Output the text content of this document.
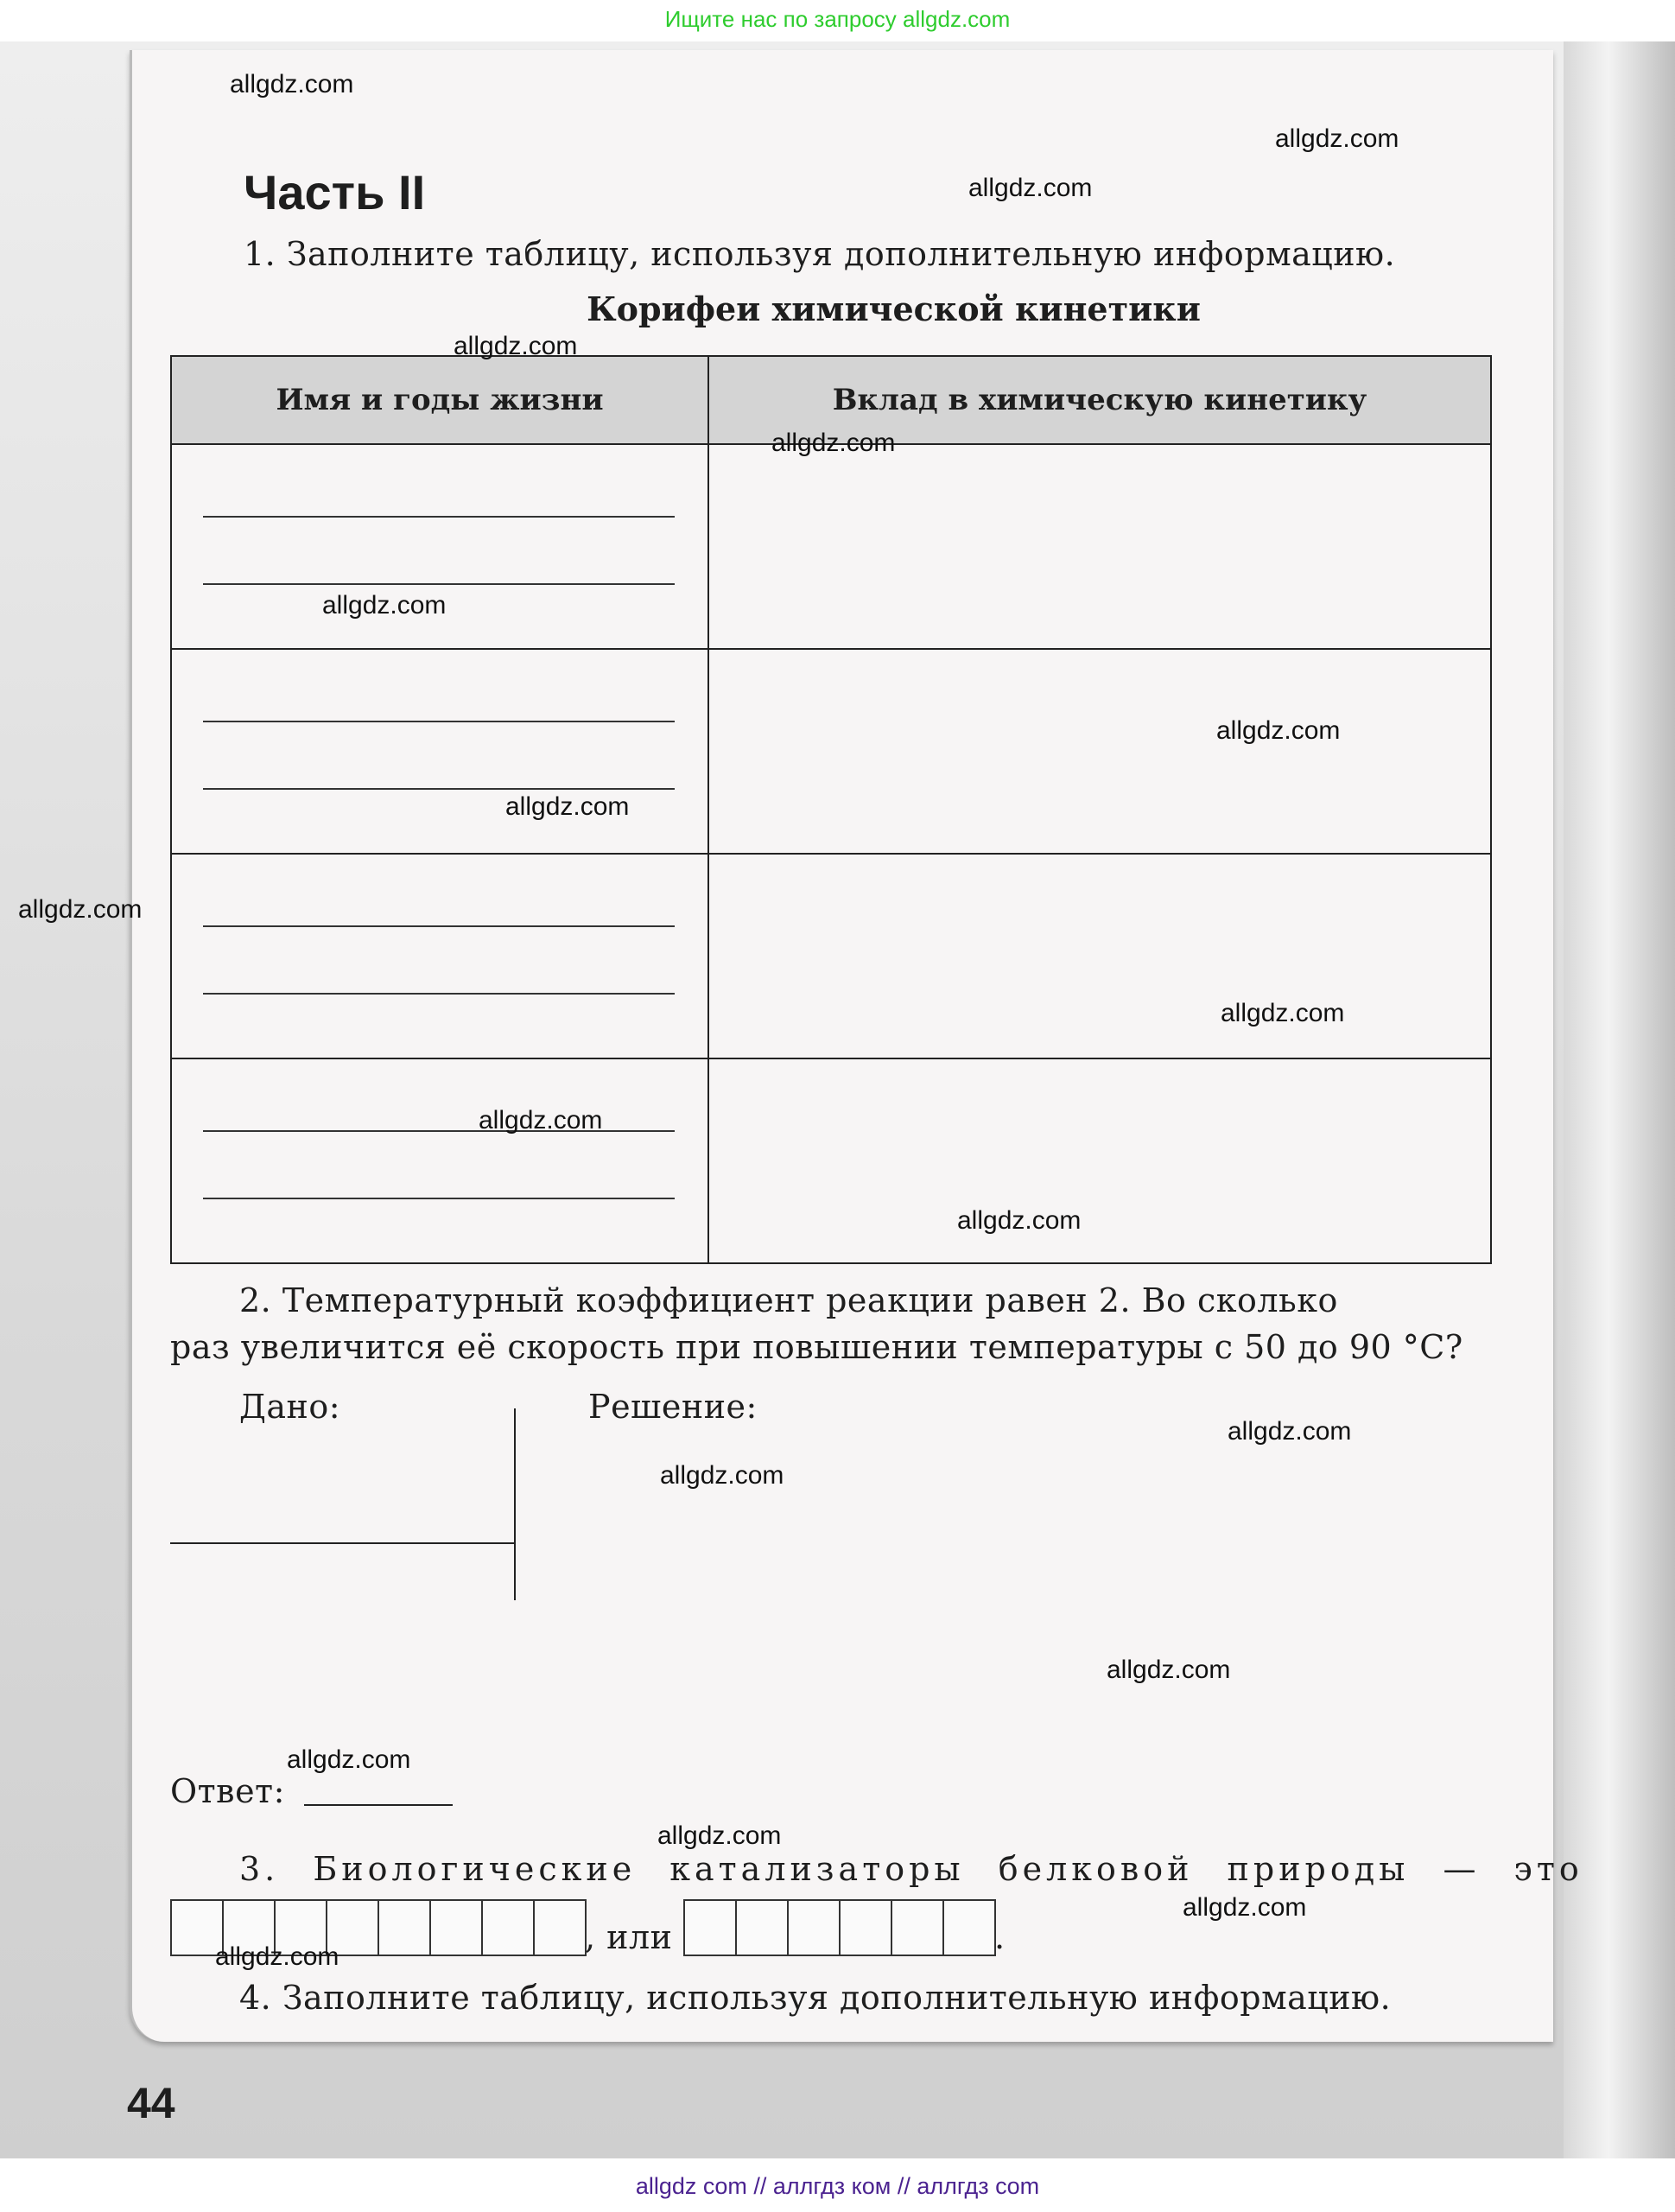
Ищите нас по запросу allgdz.com
Часть II
1. Заполните таблицу, используя дополнительную информацию.
Корифеи химической кинетики
Имя и годы жизни	Вклад в химическую кинетику

2. Температурный коэффициент реакции равен 2. Во сколько
раз увеличится её скорость при повышении температуры с 50 до 90 °С?
Дано:	Решение:
Ответ:
3. Биологические катализаторы белковой природы — это
, или	.
4. Заполните таблицу, используя дополнительную информацию.
44
allgdz com // аллгдз ком // аллгдз com
allgdz.com
allgdz.com
allgdz.com
allgdz.com
allgdz.com
allgdz.com
allgdz.com
allgdz.com
allgdz.com
allgdz.com
allgdz.com
allgdz.com
allgdz.com
allgdz.com
allgdz.com
allgdz.com
allgdz.com
allgdz.com
allgdz.com
